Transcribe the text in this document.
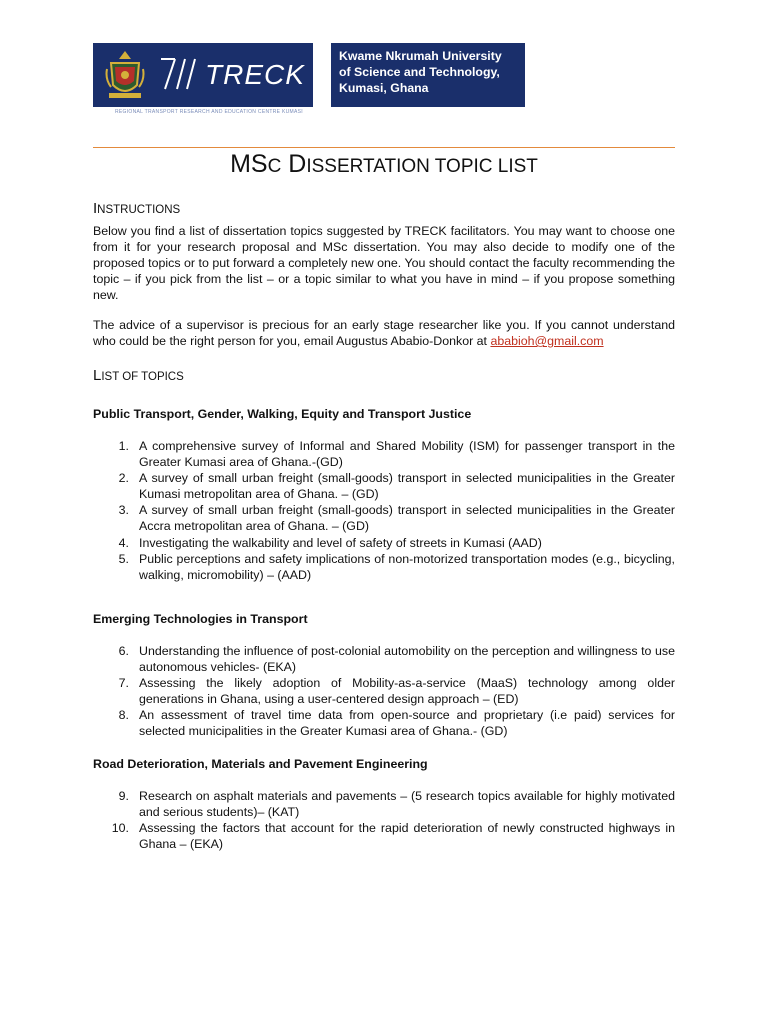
TRECK
REGIONAL TRANSPORT RESEARCH AND EDUCATION CENTRE KUMASI
Kwame Nkrumah University
of Science and Technology,
Kumasi, Ghana
MSC DISSERTATION TOPIC LIST
INSTRUCTIONS

Below you find a list of dissertation topics suggested by TRECK facilitators. You may want to choose one from it for your research proposal and MSc dissertation. You may also decide to modify one of the proposed topics or to put forward a completely new one. You should contact the faculty recommending the topic – if you pick from the list – or a topic similar to what you have in mind – if you propose something new.

The advice of a supervisor is precious for an early stage researcher like you. If you cannot understand who could be the right person for you, email Augustus Ababio-Donkor at ababioh@gmail.com

LIST OF TOPICS
Public Transport, Gender, Walking, Equity and Transport Justice
1. A comprehensive survey of Informal and Shared Mobility (ISM) for passenger transport in the Greater Kumasi area of Ghana.-(GD)
2. A survey of small urban freight (small-goods) transport in selected municipalities in the Greater Kumasi metropolitan area of Ghana. – (GD)
3. A survey of small urban freight (small-goods) transport in selected municipalities in the Greater Accra metropolitan area of Ghana. – (GD)
4. Investigating the walkability and level of safety of streets in Kumasi (AAD)
5. Public perceptions and safety implications of non-motorized transportation modes (e.g., bicycling, walking, micromobility) – (AAD)
Emerging Technologies in Transport
6. Understanding the influence of post-colonial automobility on the perception and willingness to use autonomous vehicles- (EKA)
7. Assessing the likely adoption of Mobility-as-a-service (MaaS) technology among older generations in Ghana, using a user-centered design approach – (ED)
8. An assessment of travel time data from open-source and proprietary (i.e paid) services for selected municipalities in the Greater Kumasi area of Ghana.- (GD)
Road Deterioration, Materials and Pavement Engineering
9. Research on asphalt materials and pavements – (5 research topics available for highly motivated and serious students)– (KAT)
10. Assessing the factors that account for the rapid deterioration of newly constructed highways in Ghana – (EKA)
